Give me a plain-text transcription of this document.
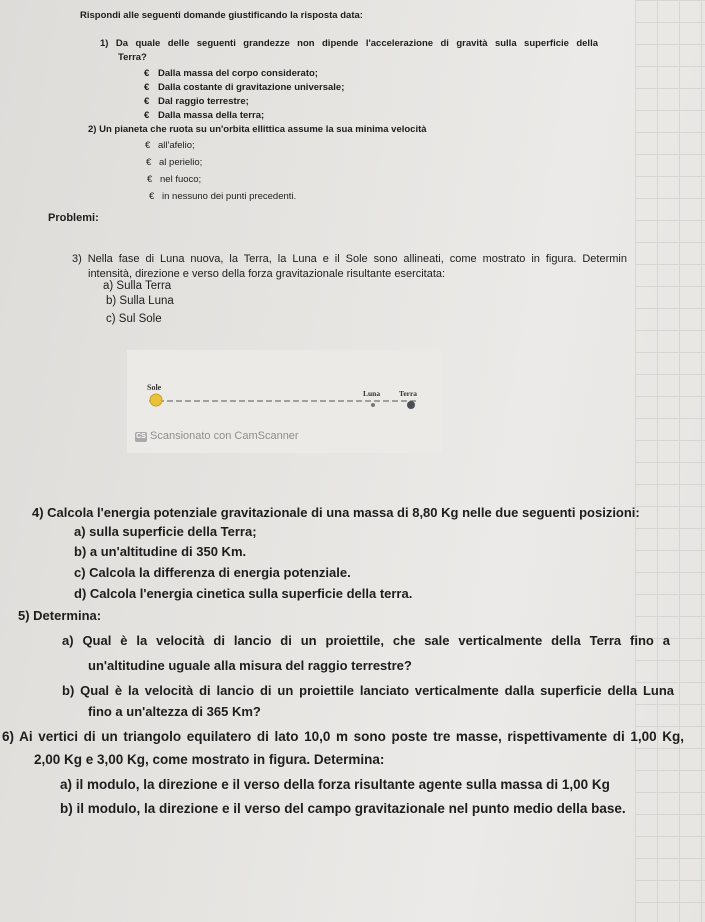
Rispondi alle seguenti domande giustificando la risposta data:
1) Da quale delle seguenti grandezze non dipende l'accelerazione di gravità sulla superficie della
Terra?
€ Dalla massa del corpo considerato;
€ Dalla costante di gravitazione universale;
€ Dal raggio terrestre;
€ Dalla massa della terra;
2) Un pianeta che ruota su un'orbita ellittica assume la sua minima velocità
€ all'afelio;
€ al perielio;
€ nel fuoco;
€ in nessuno dei punti precedenti.
Problemi:
3) Nella fase di Luna nuova, la Terra, la Luna e il Sole sono allineati, come mostrato in figura. Determin
intensità, direzione e verso della forza gravitazionale risultante esercitata:
a) Sulla Terra
b) Sulla Luna
c) Sul Sole
Sole
Luna	Terra
CS Scansionato con CamScanner
4) Calcola l'energia potenziale gravitazionale di una massa di 8,80 Kg nelle due seguenti posizioni:
a) sulla superficie della Terra;
b) a un'altitudine di 350 Km.
c) Calcola la differenza di energia potenziale.
d) Calcola l'energia cinetica sulla superficie della terra.
5) Determina:
a) Qual è la velocità di lancio di un proiettile, che sale verticalmente della Terra fino a
un'altitudine uguale alla misura del raggio terrestre?
b) Qual è la velocità di lancio di un proiettile lanciato verticalmente dalla superficie della Luna
fino a un'altezza di 365 Km?
6) Ai vertici di un triangolo equilatero di lato 10,0 m sono poste tre masse, rispettivamente di 1,00 Kg,
2,00 Kg e 3,00 Kg, come mostrato in figura. Determina:
a) il modulo, la direzione e il verso della forza risultante agente sulla massa di 1,00 Kg
b) il modulo, la direzione e il verso del campo gravitazionale nel punto medio della base.
